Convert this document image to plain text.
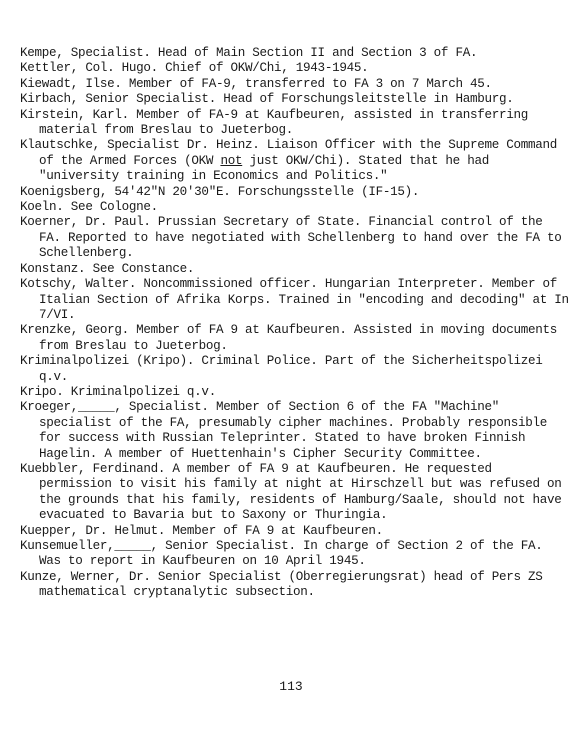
Kempe, Specialist. Head of Main Section II and Section 3 of FA.
Kettler, Col. Hugo. Chief of OKW/Chi, 1943-1945.
Kiewadt, Ilse. Member of FA-9, transferred to FA 3 on 7 March 45.
Kirbach, Senior Specialist. Head of Forschungsleitstelle in Hamburg.
Kirstein, Karl. Member of FA-9 at Kaufbeuren, assisted in transferring material from Breslau to Jueterbog.
Klautschke, Specialist Dr. Heinz. Liaison Officer with the Supreme Command of the Armed Forces (OKW not just OKW/Chi). Stated that he had "university training in Economics and Politics."
Koenigsberg, 54'42"N 20'30"E. Forschungsstelle (IF-15).
Koeln. See Cologne.
Koerner, Dr. Paul. Prussian Secretary of State. Financial control of the FA. Reported to have negotiated with Schellenberg to hand over the FA to Schellenberg.
Konstanz. See Constance.
Kotschy, Walter. Noncommissioned officer. Hungarian Interpreter. Member of Italian Section of Afrika Korps. Trained in "encoding and decoding" at In 7/VI.
Krenzke, Georg. Member of FA 9 at Kaufbeuren. Assisted in moving documents from Breslau to Jueterbog.
Kriminalpolizei (Kripo). Criminal Police. Part of the Sicherheitspolizei q.v.
Kripo. Kriminalpolizei q.v.
Kroeger,_____, Specialist. Member of Section 6 of the FA "Machine" specialist of the FA, presumably cipher machines. Probably responsible for success with Russian Teleprinter. Stated to have broken Finnish Hagelin. A member of Huettenhain's Cipher Security Committee.
Kuebbler, Ferdinand. A member of FA 9 at Kaufbeuren. He requested permission to visit his family at night at Hirschzell but was refused on the grounds that his family, residents of Hamburg/Saale, should not have evacuated to Bavaria but to Saxony or Thuringia.
Kuepper, Dr. Helmut. Member of FA 9 at Kaufbeuren.
Kunsemueller,_____, Senior Specialist. In charge of Section 2 of the FA. Was to report in Kaufbeuren on 10 April 1945.
Kunze, Werner, Dr. Senior Specialist (Oberregierungsrat) head of Pers ZS mathematical cryptanalytic subsection.
113
